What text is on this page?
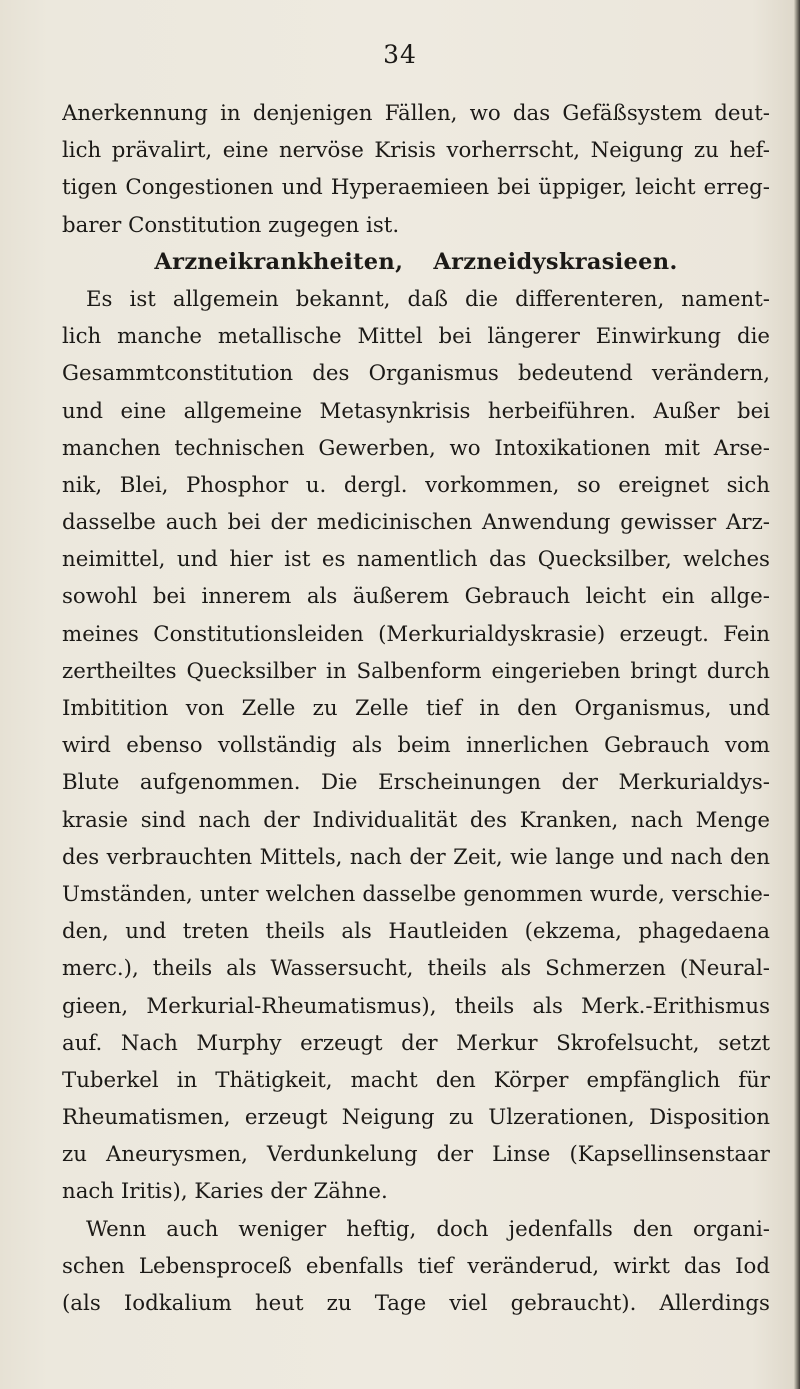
34
Anerkennung in denjenigen Fällen, wo das Gefäßsystem deut-
lich prävalirt, eine nervöse Krisis vorherrscht, Neigung zu hef-
tigen Congestionen und Hyperaemieen bei üppiger, leicht erreg-
barer Constitution zugegen ist.
Arzneikrankheiten, Arzneidyskrasieen.
Es ist allgemein bekannt, daß die differenteren, nament-
lich manche metallische Mittel bei längerer Einwirkung die
Gesammtconstitution des Organismus bedeutend verändern,
und eine allgemeine Metasynkrisis herbeiführen. Außer bei
manchen technischen Gewerben, wo Intoxikationen mit Arse-
nik, Blei, Phosphor u. dergl. vorkommen, so ereignet sich
dasselbe auch bei der medicinischen Anwendung gewisser Arz-
neimittel, und hier ist es namentlich das Quecksilber, welches
sowohl bei innerem als äußerem Gebrauch leicht ein allge-
meines Constitutionsleiden (Merkurialdyskrasie) erzeugt. Fein
zertheiltes Quecksilber in Salbenform eingerieben bringt durch
Imbitition von Zelle zu Zelle tief in den Organismus, und
wird ebenso vollständig als beim innerlichen Gebrauch vom
Blute aufgenommen. Die Erscheinungen der Merkurialdys-
krasie sind nach der Individualität des Kranken, nach Menge
des verbrauchten Mittels, nach der Zeit, wie lange und nach den
Umständen, unter welchen dasselbe genommen wurde, verschie-
den, und treten theils als Hautleiden (ekzema, phagedaena
merc.), theils als Wassersucht, theils als Schmerzen (Neural-
gieen, Merkurial-Rheumatismus), theils als Merk.-Erithismus
auf. Nach Murphy erzeugt der Merkur Skrofelsucht, setzt
Tuberkel in Thätigkeit, macht den Körper empfänglich für
Rheumatismen, erzeugt Neigung zu Ulzerationen, Disposition
zu Aneurysmen, Verdunkelung der Linse (Kapsellinsenstaar
nach Iritis), Karies der Zähne.
Wenn auch weniger heftig, doch jedenfalls den organi-
schen Lebensproceß ebenfalls tief veränderud, wirkt das Iod
(als Iodkalium heut zu Tage viel gebraucht). Allerdings
